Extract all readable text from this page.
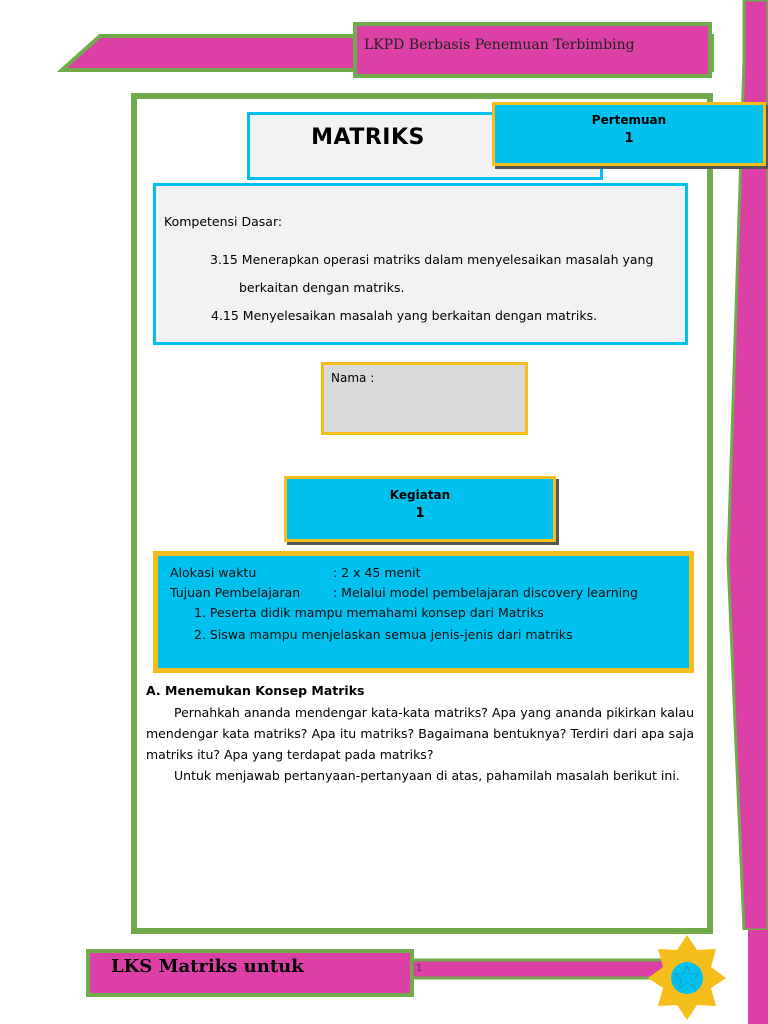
LKPD Berbasis Penemuan Terbimbing
MATRIKS
Pertemuan
1
Kompetensi Dasar:
3.15 Menerapkan operasi matriks dalam menyelesaikan masalah yang
berkaitan dengan matriks.
4.15 Menyelesaikan masalah yang berkaitan dengan matriks.
Nama :
Kegiatan
1
Alokasi waktu	: 2 x 45 menit
Tujuan Pembelajaran	: Melalui model pembelajaran discovery learning
1. Peserta didik mampu memahami konsep dari Matriks
2. Siswa mampu menjelaskan semua jenis-jenis dari matriks
A. Menemukan Konsep Matriks
Pernahkah ananda mendengar kata-kata matriks? Apa yang ananda pikirkan kalau mendengar kata matriks? Apa itu matriks? Bagaimana bentuknya? Terdiri dari apa saja matriks itu? Apa yang terdapat pada matriks?
Untuk menjawab pertanyaan-pertanyaan di atas, pahamilah masalah berikut ini.
LKS Matriks untuk	1
